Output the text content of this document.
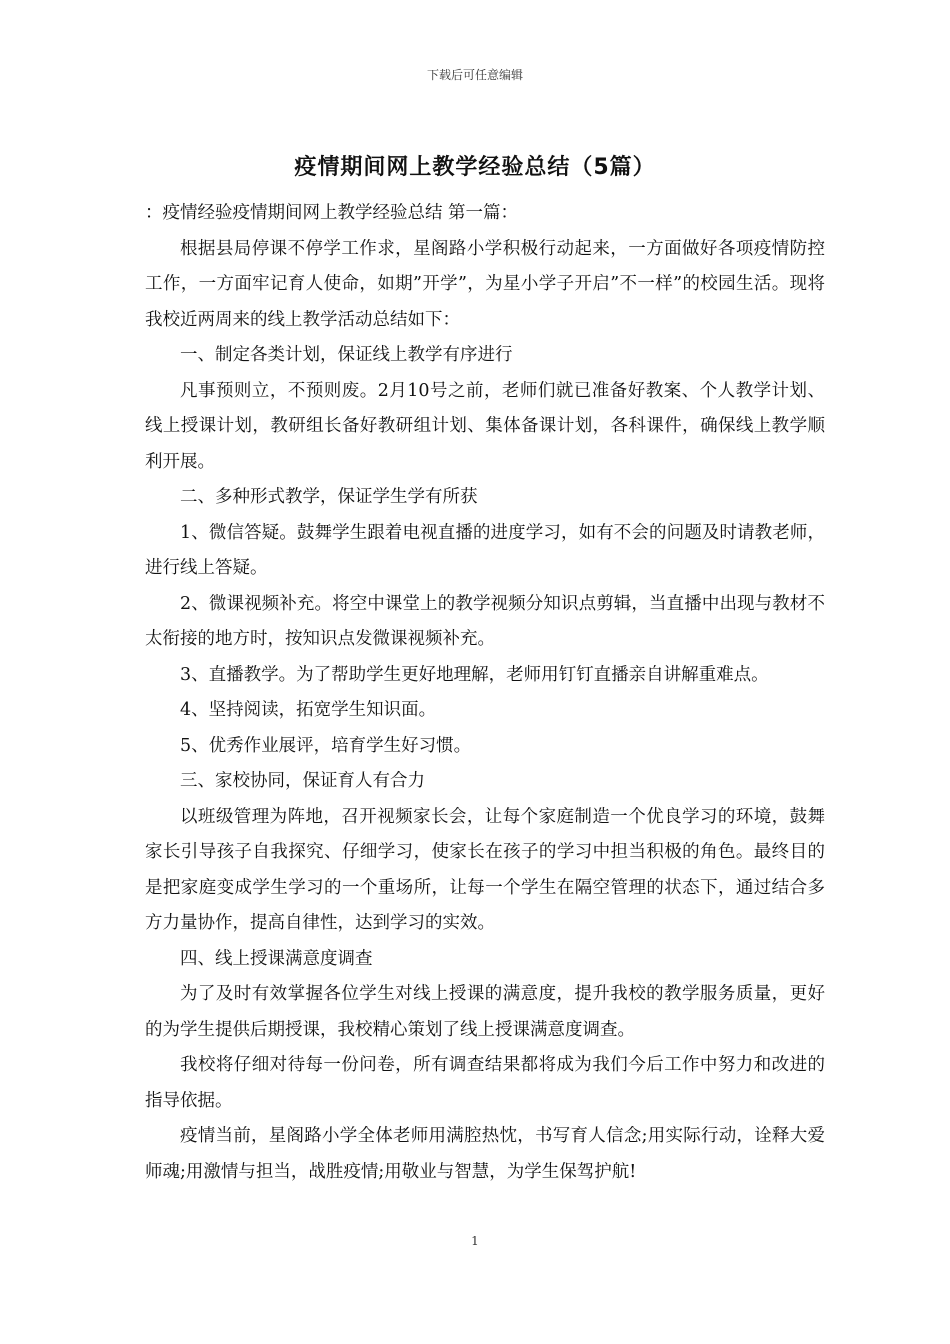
下载后可任意编辑
疫情期间网上教学经验总结（5篇）

：疫情经验疫情期间网上教学经验总结 第一篇：

根据县局停课不停学工作求，星阁路小学积极行动起来，一方面做好各项疫情防控工作，一方面牢记育人使命，如期”开学”，为星小学子开启”不一样”的校园生活。现将我校近两周来的线上教学活动总结如下：

一、制定各类计划，保证线上教学有序进行

凡事预则立，不预则废。2月10号之前，老师们就已准备好教案、个人教学计划、线上授课计划，教研组长备好教研组计划、集体备课计划，各科课件，确保线上教学顺利开展。

二、多种形式教学，保证学生学有所获

1、微信答疑。鼓舞学生跟着电视直播的进度学习，如有不会的问题及时请教老师，进行线上答疑。

2、微课视频补充。将空中课堂上的教学视频分知识点剪辑，当直播中出现与教材不太衔接的地方时，按知识点发微课视频补充。

3、直播教学。为了帮助学生更好地理解，老师用钉钉直播亲自讲解重难点。

4、坚持阅读，拓宽学生知识面。

5、优秀作业展评，培育学生好习惯。

三、家校协同，保证育人有合力

以班级管理为阵地，召开视频家长会，让每个家庭制造一个优良学习的环境，鼓舞家长引导孩子自我探究、仔细学习，使家长在孩子的学习中担当积极的角色。最终目的是把家庭变成学生学习的一个重场所，让每一个学生在隔空管理的状态下，通过结合多方力量协作，提高自律性，达到学习的实效。

四、线上授课满意度调查

为了及时有效掌握各位学生对线上授课的满意度，提升我校的教学服务质量，更好的为学生提供后期授课，我校精心策划了线上授课满意度调查。

我校将仔细对待每一份问卷，所有调查结果都将成为我们今后工作中努力和改进的指导依据。

疫情当前，星阁路小学全体老师用满腔热忱，书写育人信念;用实际行动，诠释大爱师魂;用激情与担当，战胜疫情;用敬业与智慧，为学生保驾护航!

1
